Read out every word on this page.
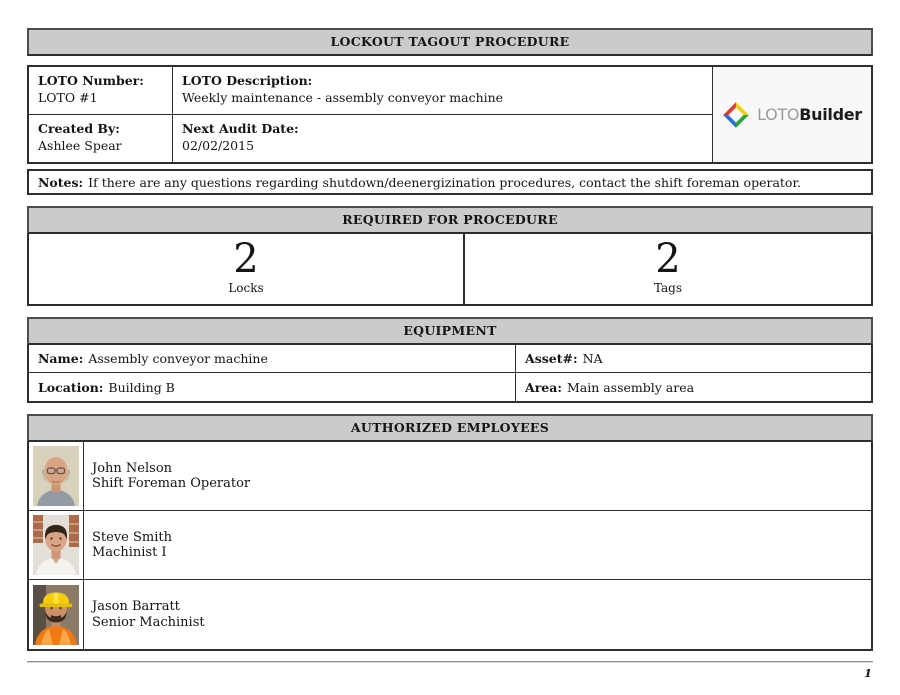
LOCKOUT TAGOUT PROCEDURE
LOTO Number:
LOTO #1
LOTO Description:
Weekly maintenance - assembly conveyor machine
Created By:
Ashlee Spear
Next Audit Date:
02/02/2015
LOTOBuilder
Notes: If there are any questions regarding shutdown/deenergizination procedures, contact the shift foreman operator.
REQUIRED FOR PROCEDURE
2
Locks
2
Tags
EQUIPMENT
Name: Assembly conveyor machine	Asset#: NA
Location: Building B	Area: Main assembly area
AUTHORIZED EMPLOYEES
John Nelson
Shift Foreman Operator
Steve Smith
Machinist I
Jason Barratt
Senior Machinist
1
